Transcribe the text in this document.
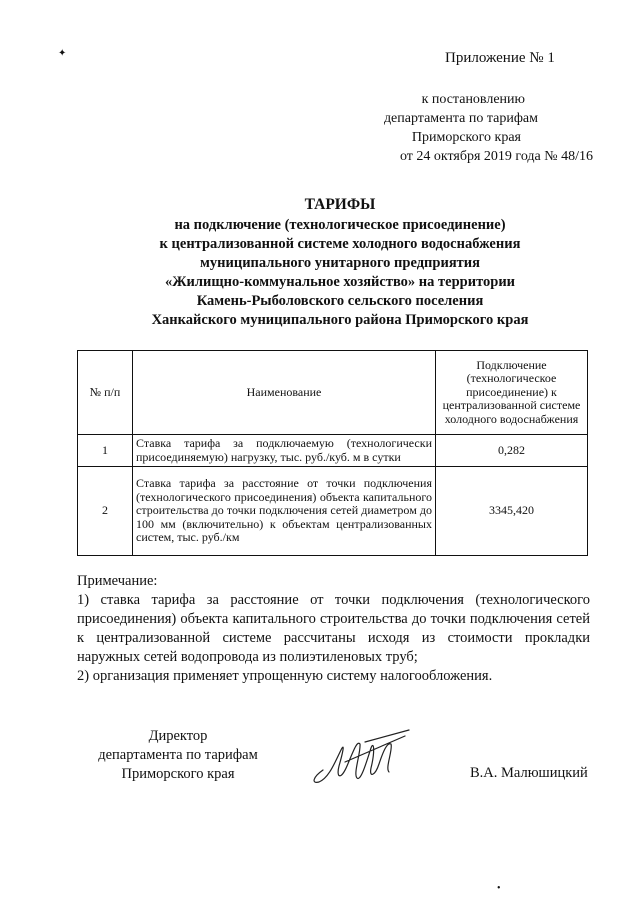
✦	Приложение № 1
к постановлению
департамента по тарифам
Приморского края
от 24 октября 2019 года № 48/16
ТАРИФЫ
на подключение (технологическое присоединение)
к централизованной системе холодного водоснабжения
муниципального унитарного предприятия
«Жилищно-коммунальное хозяйство» на территории
Камень-Рыболовского сельского поселения
Ханкайского муниципального района Приморского края
№ п/п	Наименование	Подключение (технологическое присоединение) к централизованной системе холодного водоснабжения
1	Ставка тарифа за подключаемую (технологически присоединяемую) нагрузку, тыс. руб./куб. м в сутки	0,282
2	Ставка тарифа за расстояние от точки подключения (технологического присоединения) объекта капитального строительства до точки подключения сетей диаметром до 100 мм (включительно) к объектам централизованных систем, тыс. руб./км	3345,420
Примечание:
1) ставка тарифа за расстояние от точки подключения (технологического присоединения) объекта капитального строительства до точки подключения сетей к централизованной системе рассчитаны исходя из стоимости прокладки наружных сетей водопровода из полиэтиленовых труб;
2) организация применяет упрощенную систему налогообложения.
Директор
департамента по тарифам
Приморского края	В.А. Малюшицкий
•
